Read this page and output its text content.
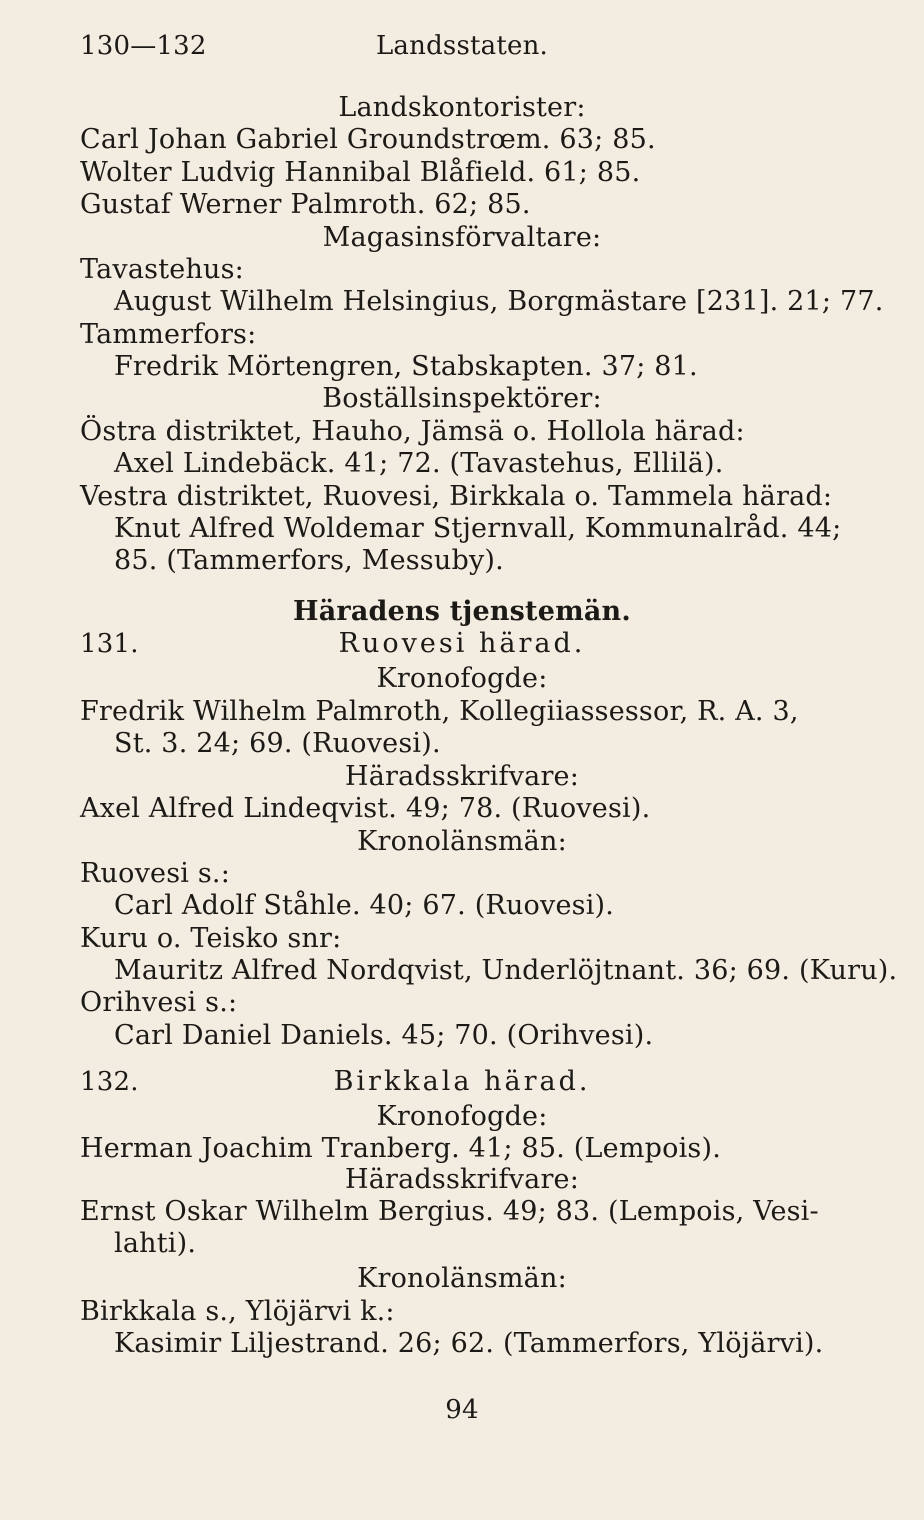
130—132	Landsstaten.
Landskontorister:
Carl Johan Gabriel Groundstrœm. 63; 85.
Wolter Ludvig Hannibal Blåfield. 61; 85.
Gustaf Werner Palmroth. 62; 85.
Magasinsförvaltare:
Tavastehus:
August Wilhelm Helsingius, Borgmästare [231]. 21; 77.
Tammerfors:
Fredrik Mörtengren, Stabskapten. 37; 81.
Boställsinspektörer:
Östra distriktet, Hauho, Jämsä o. Hollola härad:
Axel Lindebäck. 41; 72. (Tavastehus, Ellilä).
Vestra distriktet, Ruovesi, Birkkala o. Tammela härad:
Knut Alfred Woldemar Stjernvall, Kommunalråd. 44;
85. (Tammerfors, Messuby).
Häradens tjenstemän.
131.	Ruovesi härad.
Kronofogde:
Fredrik Wilhelm Palmroth, Kollegiiassessor, R. A. 3,
St. 3. 24; 69. (Ruovesi).
Häradsskrifvare:
Axel Alfred Lindeqvist. 49; 78. (Ruovesi).
Kronolänsmän:
Ruovesi s.:
Carl Adolf Ståhle. 40; 67. (Ruovesi).
Kuru o. Teisko snr:
Mauritz Alfred Nordqvist, Underlöjtnant. 36; 69. (Kuru).
Orihvesi s.:
Carl Daniel Daniels. 45; 70. (Orihvesi).
132.	Birkkala härad.
Kronofogde:
Herman Joachim Tranberg. 41; 85. (Lempois).
Häradsskrifvare:
Ernst Oskar Wilhelm Bergius. 49; 83. (Lempois, Vesi-
lahti).
Kronolänsmän:
Birkkala s., Ylöjärvi k.:
Kasimir Liljestrand. 26; 62. (Tammerfors, Ylöjärvi).
94
